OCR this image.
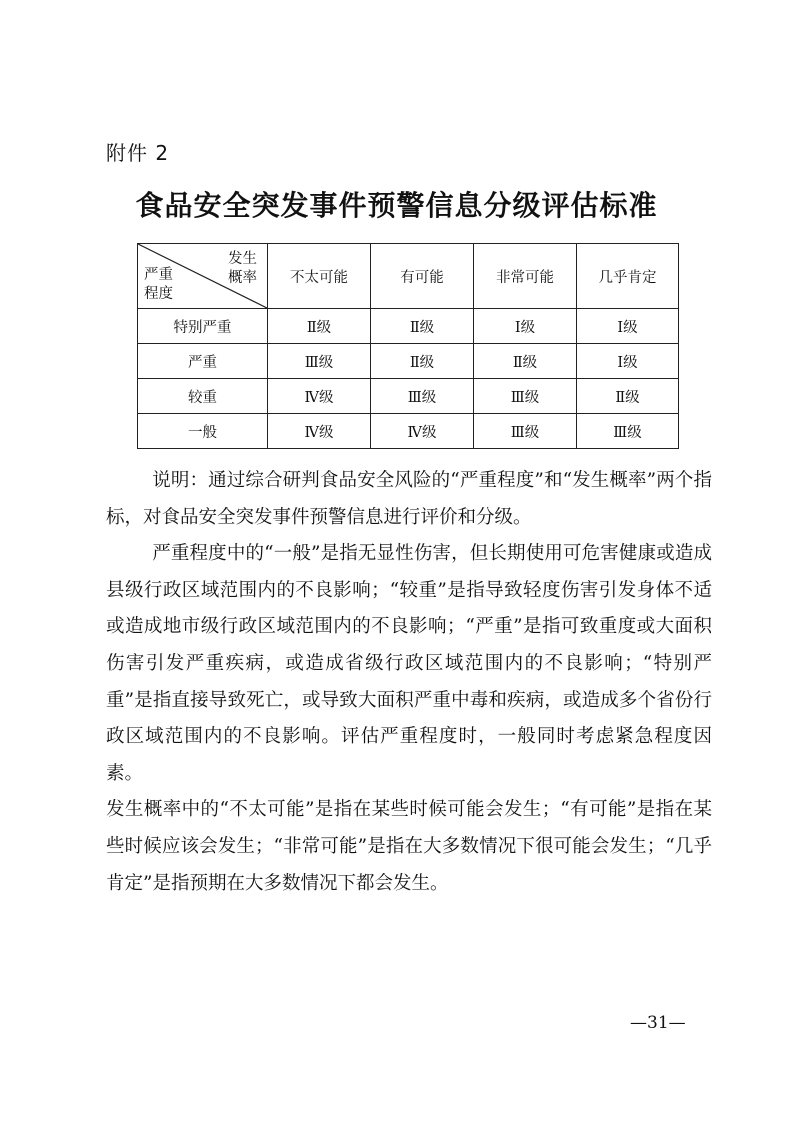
附件 2
食品安全突发事件预警信息分级评估标准
发生
概率
严重
程度	不太可能	有可能	非常可能	几乎肯定
特别严重	Ⅱ级	Ⅱ级	Ⅰ级	Ⅰ级
严重	Ⅲ级	Ⅱ级	Ⅱ级	Ⅰ级
较重	Ⅳ级	Ⅲ级	Ⅲ级	Ⅱ级
一般	Ⅳ级	Ⅳ级	Ⅲ级	Ⅲ级

说明：通过综合研判食品安全风险的“严重程度”和“发生概率”两个指标，对食品安全突发事件预警信息进行评价和分级。

严重程度中的“一般”是指无显性伤害，但长期使用可危害健康或造成县级行政区域范围内的不良影响；“较重”是指导致轻度伤害引发身体不适或造成地市级行政区域范围内的不良影响；“严重”是指可致重度或大面积伤害引发严重疾病，或造成省级行政区域范围内的不良影响；“特别严重”是指直接导致死亡，或导致大面积严重中毒和疾病，或造成多个省份行政区域范围内的不良影响。评估严重程度时，一般同时考虑紧急程度因素。

发生概率中的“不太可能”是指在某些时候可能会发生；“有可能”是指在某些时候应该会发生；“非常可能”是指在大多数情况下很可能会发生；“几乎肯定”是指预期在大多数情况下都会发生。

—31—
